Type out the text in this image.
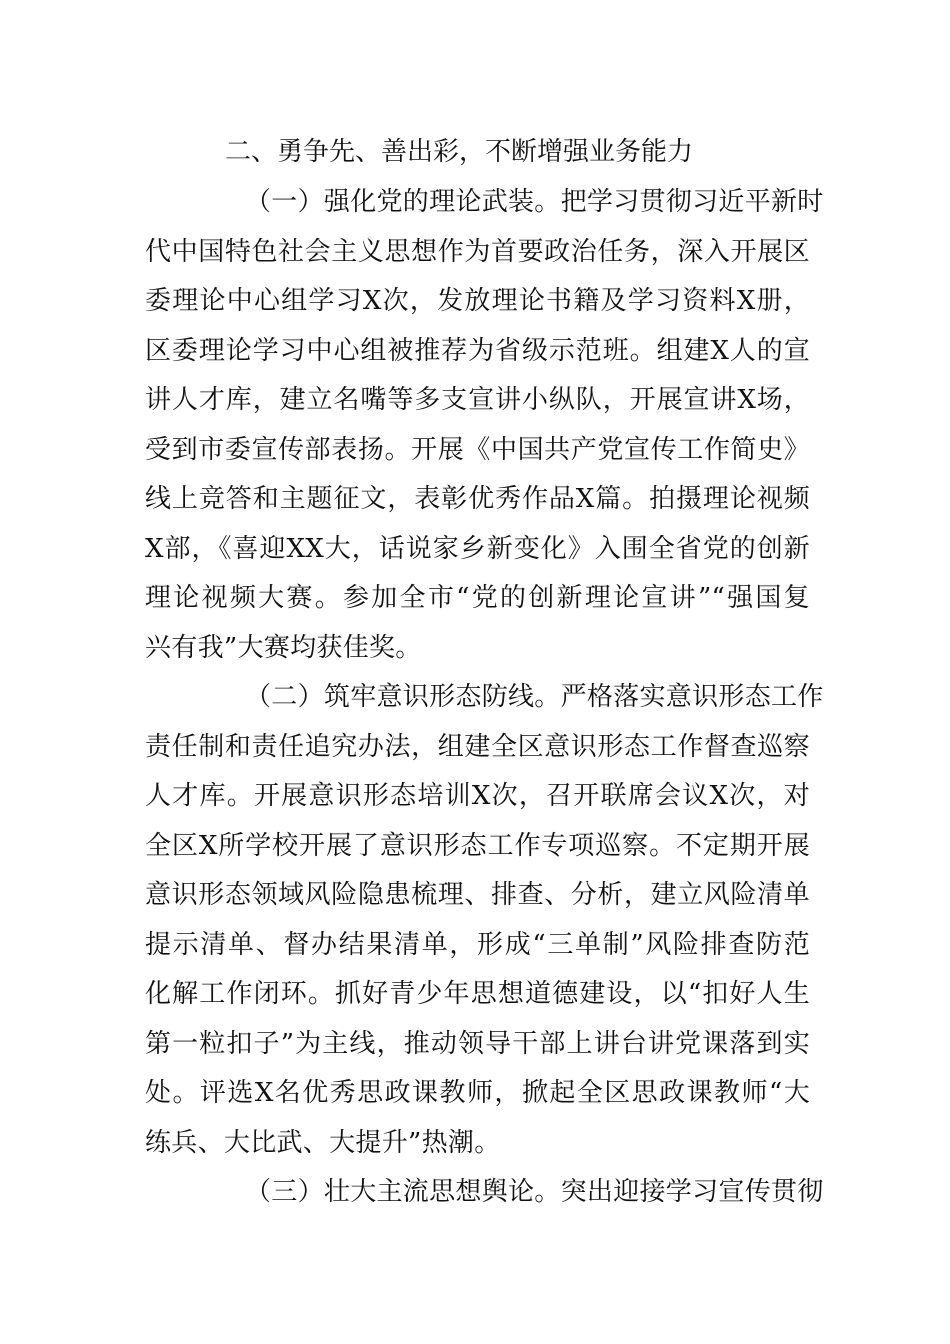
二、勇争先、善出彩，不断增强业务能力
（一）强化党的理论武装。把学习贯彻习近平新时
代中国特色社会主义思想作为首要政治任务，深入开展区
委理论中心组学习X次，发放理论书籍及学习资料X册，
区委理论学习中心组被推荐为省级示范班。组建X人的宣
讲人才库，建立名嘴等多支宣讲小纵队，开展宣讲X场，
受到市委宣传部表扬。开展《中国共产党宣传工作简史》
线上竞答和主题征文，表彰优秀作品X篇。拍摄理论视频
X部，《喜迎XX大，话说家乡新变化》入围全省党的创新
理论视频大赛。参加全市“党的创新理论宣讲”“强国复
兴有我”大赛均获佳奖。
（二）筑牢意识形态防线。严格落实意识形态工作
责任制和责任追究办法，组建全区意识形态工作督查巡察
人才库。开展意识形态培训X次，召开联席会议X次，对
全区X所学校开展了意识形态工作专项巡察。不定期开展
意识形态领域风险隐患梳理、排查、分析，建立风险清单
提示清单、督办结果清单，形成“三单制”风险排查防范
化解工作闭环。抓好青少年思想道德建设，以“扣好人生
第一粒扣子”为主线，推动领导干部上讲台讲党课落到实
处。评选X名优秀思政课教师，掀起全区思政课教师“大
练兵、大比武、大提升”热潮。
（三）壮大主流思想舆论。突出迎接学习宣传贯彻
